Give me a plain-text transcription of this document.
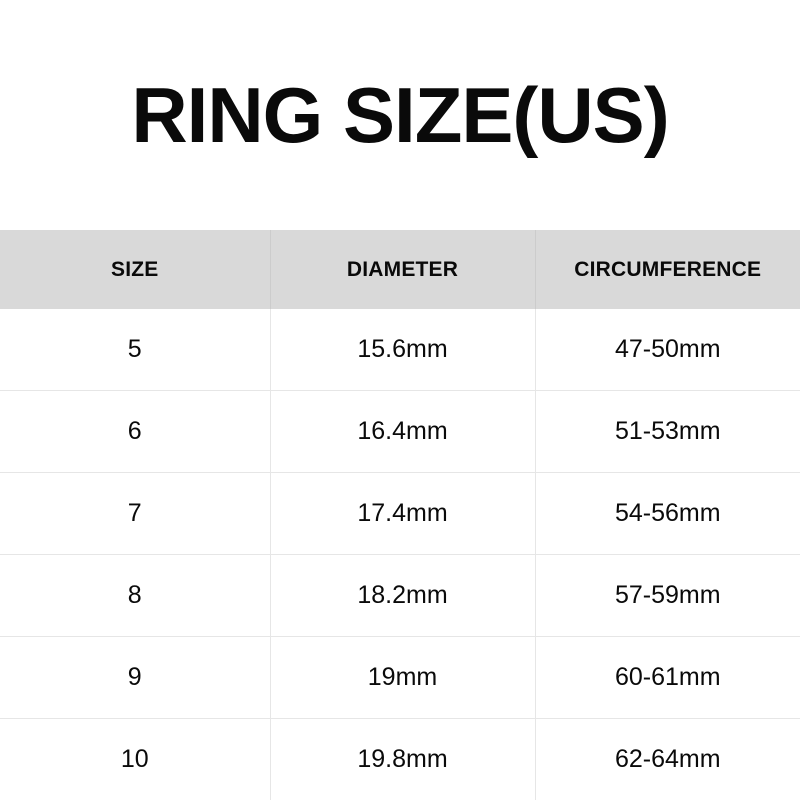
RING SIZE(US)
SIZE	DIAMETER	CIRCUMFERENCE
5	15.6mm	47-50mm
6	16.4mm	51-53mm
7	17.4mm	54-56mm
8	18.2mm	57-59mm
9	19mm	60-61mm
10	19.8mm	62-64mm
